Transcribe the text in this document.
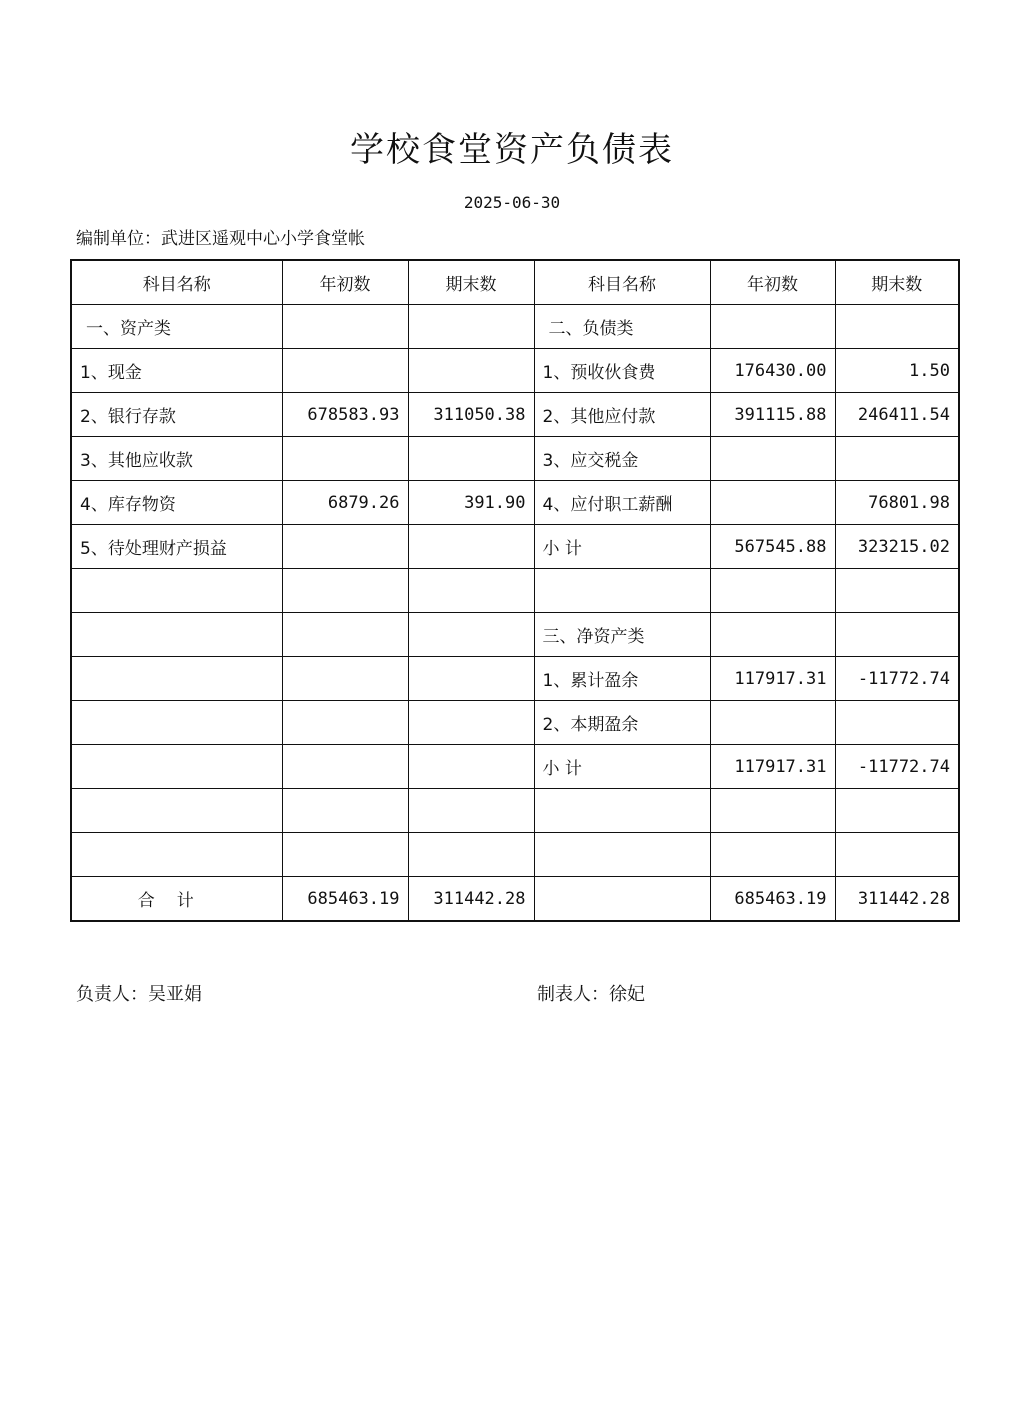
学校食堂资产负债表
2025-06-30
编制单位：武进区遥观中心小学食堂帐
科目名称	年初数	期末数	科目名称	年初数	期末数
一、资产类			二、负债类		
1、现金			1、预收伙食费	176430.00	1.50
2、银行存款	678583.93	311050.38	2、其他应付款	391115.88	246411.54
3、其他应收款			3、应交税金		
4、库存物资	6879.26	391.90	4、应付职工薪酬		76801.98
5、待处理财产损益			小 计	567545.88	323215.02

			三、净资产类		
			1、累计盈余	117917.31	-11772.74
			2、本期盈余		
			小 计	117917.31	-11772.74

合计	685463.19	311442.28		685463.19	311442.28
负责人：吴亚娟	制表人：徐妃
